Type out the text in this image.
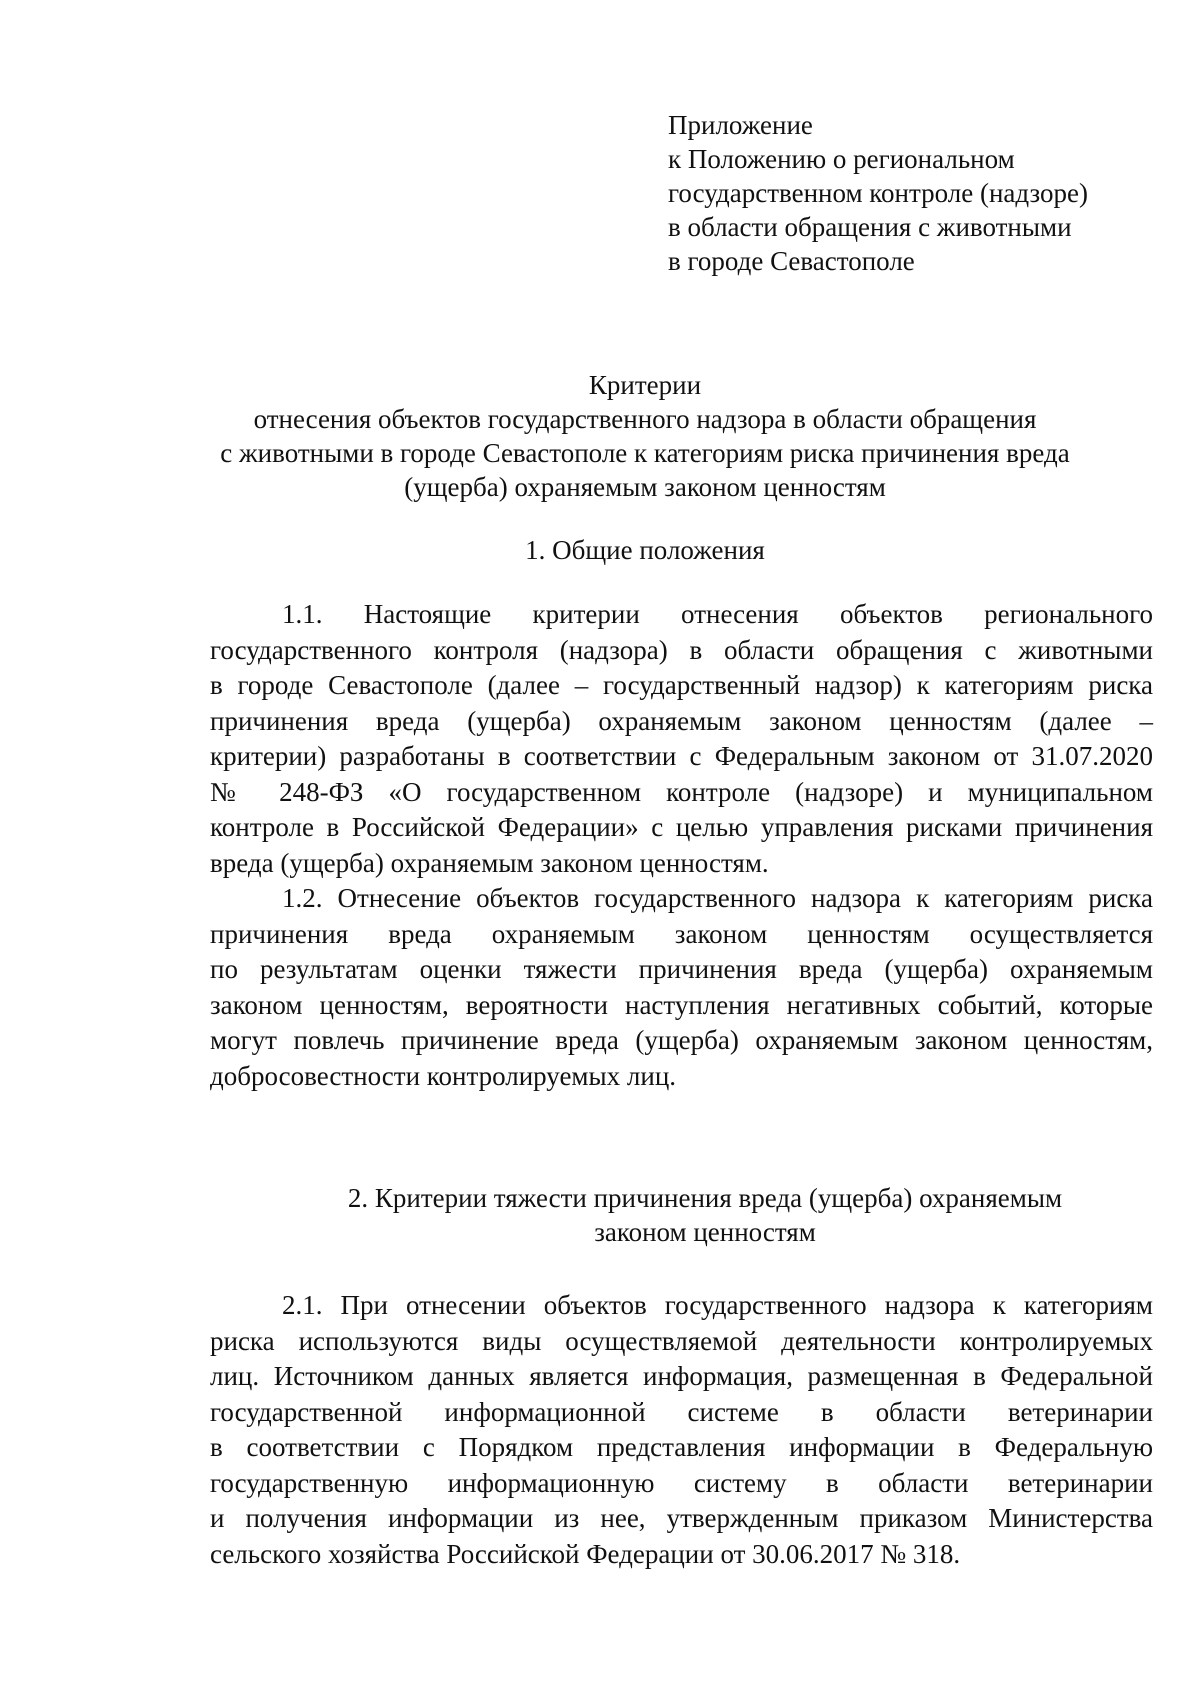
Приложение
к Положению о региональном
государственном контроле (надзоре)
в области обращения с животными
в городе Севастополе
Критерии
отнесения объектов государственного надзора в области обращения
с животными в городе Севастополе к категориям риска причинения вреда
(ущерба) охраняемым законом ценностям
1. Общие положения
1.1. Настоящие критерии отнесения объектов регионального
государственного контроля (надзора) в области обращения с животными
в городе Севастополе (далее – государственный надзор) к категориям риска
причинения вреда (ущерба) охраняемым законом ценностям (далее –
критерии) разработаны в соответствии с Федеральным законом от 31.07.2020
№ 248-ФЗ «О государственном контроле (надзоре) и муниципальном
контроле в Российской Федерации» с целью управления рисками причинения
вреда (ущерба) охраняемым законом ценностям.
1.2. Отнесение объектов государственного надзора к категориям риска
причинения вреда охраняемым законом ценностям осуществляется
по результатам оценки тяжести причинения вреда (ущерба) охраняемым
законом ценностям, вероятности наступления негативных событий, которые
могут повлечь причинение вреда (ущерба) охраняемым законом ценностям,
добросовестности контролируемых лиц.
2. Критерии тяжести причинения вреда (ущерба) охраняемым
законом ценностям
2.1. При отнесении объектов государственного надзора к категориям
риска используются виды осуществляемой деятельности контролируемых
лиц. Источником данных является информация, размещенная в Федеральной
государственной информационной системе в области ветеринарии
в соответствии с Порядком представления информации в Федеральную
государственную информационную систему в области ветеринарии
и получения информации из нее, утвержденным приказом Министерства
сельского хозяйства Российской Федерации от 30.06.2017 № 318.
